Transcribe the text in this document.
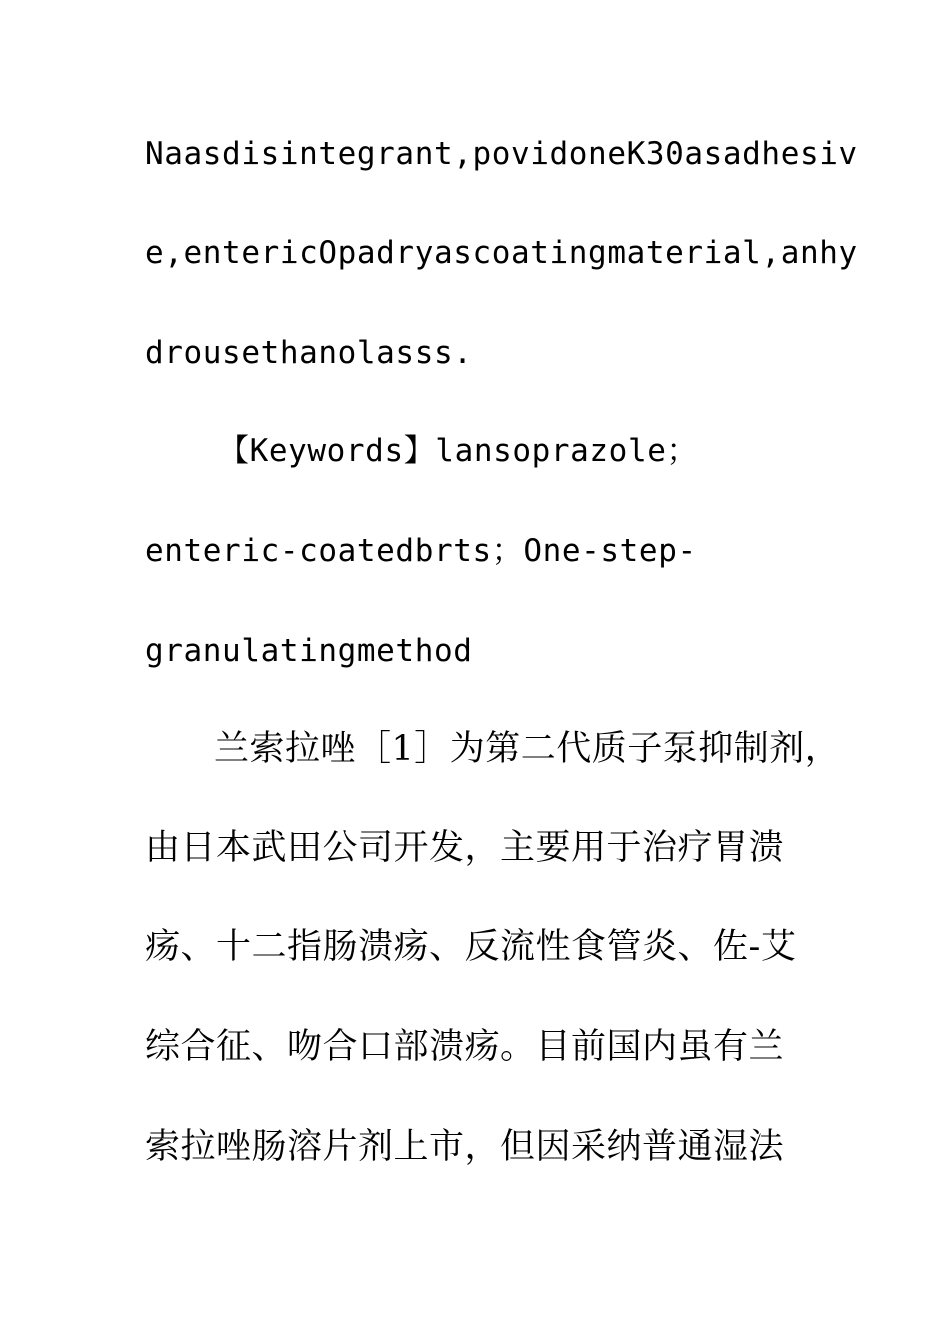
Naasdisintegrant,povidoneK30asadhesiv
e,entericOpadryascoatingmaterial,anhy
drousethanolasss.
【Keywords】lansoprazole；
enteric-coatedbrts；One-step-
granulatingmethod
兰索拉唑［1］为第二代质子泵抑制剂，
由日本武田公司开发，主要用于治疗胃溃
疡、十二指肠溃疡、反流性食管炎、佐-艾
综合征、吻合口部溃疡。目前国内虽有兰
索拉唑肠溶片剂上市，但因采纳普通湿法
